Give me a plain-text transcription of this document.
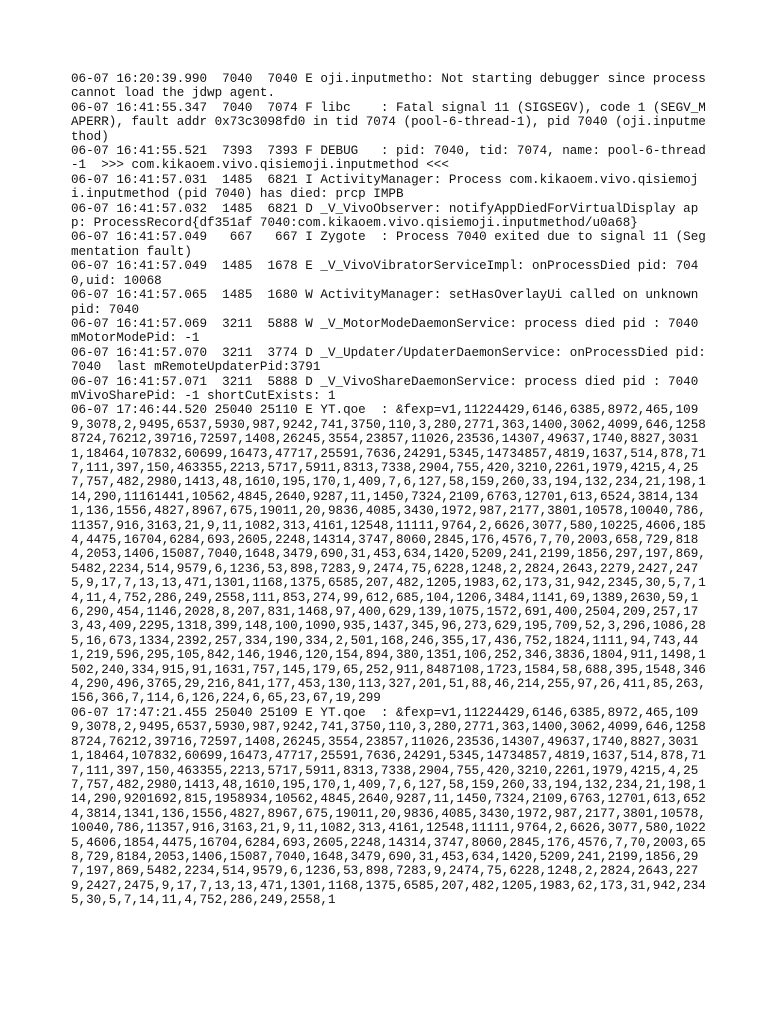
06-07 16:20:39.990  7040  7040 E oji.inputmetho: Not starting debugger since process cannot load the jdwp agent.

06-07 16:41:55.347  7040  7074 F libc    : Fatal signal 11 (SIGSEGV), code 1 (SEGV_MAPERR), fault addr 0x73c3098fd0 in tid 7074 (pool-6-thread-1), pid 7040 (oji.inputmethod)

06-07 16:41:55.521  7393  7393 F DEBUG   : pid: 7040, tid: 7074, name: pool-6-thread-1  >>> com.kikaoem.vivo.qisiemoji.inputmethod <<<

06-07 16:41:57.031  1485  6821 I ActivityManager: Process com.kikaoem.vivo.qisiemoji.inputmethod (pid 7040) has died: prcp IMPB

06-07 16:41:57.032  1485  6821 D _V_VivoObserver: notifyAppDiedForVirtualDisplay app: ProcessRecord{df351af 7040:com.kikaoem.vivo.qisiemoji.inputmethod/u0a68}

06-07 16:41:57.049   667   667 I Zygote  : Process 7040 exited due to signal 11 (Segmentation fault)

06-07 16:41:57.049  1485  1678 E _V_VivoVibratorServiceImpl: onProcessDied pid: 7040,uid: 10068

06-07 16:41:57.065  1485  1680 W ActivityManager: setHasOverlayUi called on unknown pid: 7040

06-07 16:41:57.069  3211  5888 W _V_MotorModeDaemonService: process died pid : 7040 mMotorModePid: -1

06-07 16:41:57.070  3211  3774 D _V_Updater/UpdaterDaemonService: onProcessDied pid:7040  last mRemoteUpdaterPid:3791

06-07 16:41:57.071  3211  5888 D _V_VivoShareDaemonService: process died pid : 7040 mVivoSharePid: -1 shortCutExists: 1

06-07 17:46:44.520 25040 25110 E YT.qoe  : &fexp=v1,11224429,6146,6385,8972,465,1099,3078,2,9495,6537,5930,987,9242,741,3750,110,3,280,2771,363,1400,3062,4099,646,12588724,76212,39716,72597,1408,26245,3554,23857,11026,23536,14307,49637,1740,8827,30311,18464,107832,60699,16473,47717,25591,7636,24291,5345,14734857,4819,1637,514,878,717,111,397,150,463355,2213,5717,5911,8313,7338,2904,755,420,3210,2261,1979,4215,4,257,757,482,2980,1413,48,1610,195,170,1,409,7,6,127,58,159,260,33,194,132,234,21,198,114,290,11161441,10562,4845,2640,9287,11,1450,7324,2109,6763,12701,613,6524,3814,1341,136,1556,4827,8967,675,19011,20,9836,4085,3430,1972,987,2177,3801,10578,10040,786,11357,916,3163,21,9,11,1082,313,4161,12548,11111,9764,2,6626,3077,580,10225,4606,1854,4475,16704,6284,693,2605,2248,14314,3747,8060,2845,176,4576,7,70,2003,658,729,8184,2053,1406,15087,7040,1648,3479,690,31,453,634,1420,5209,241,2199,1856,297,197,869,5482,2234,514,9579,6,1236,53,898,7283,9,2474,75,6228,1248,2,2824,2643,2279,2427,2475,9,17,7,13,13,471,1301,1168,1375,6585,207,482,1205,1983,62,173,31,942,2345,30,5,7,14,11,4,752,286,249,2558,111,853,274,99,612,685,104,1206,3484,1141,69,1389,2630,59,16,290,454,1146,2028,8,207,831,1468,97,400,629,139,1075,1572,691,400,2504,209,257,173,43,409,2295,1318,399,148,100,1090,935,1437,345,96,273,629,195,709,52,3,296,1086,285,16,673,1334,2392,257,334,190,334,2,501,168,246,355,17,436,752,1824,1111,94,743,441,219,596,295,105,842,146,1946,120,154,894,380,1351,106,252,346,3836,1804,911,1498,1502,240,334,915,91,1631,757,145,179,65,252,911,8487108,1723,1584,58,688,395,1548,3464,290,496,3765,29,216,841,177,453,130,113,327,201,51,88,46,214,255,97,26,411,85,263,156,366,7,114,6,126,224,6,65,23,67,19,299

06-07 17:47:21.455 25040 25109 E YT.qoe  : &fexp=v1,11224429,6146,6385,8972,465,1099,3078,2,9495,6537,5930,987,9242,741,3750,110,3,280,2771,363,1400,3062,4099,646,12588724,76212,39716,72597,1408,26245,3554,23857,11026,23536,14307,49637,1740,8827,30311,18464,107832,60699,16473,47717,25591,7636,24291,5345,14734857,4819,1637,514,878,717,111,397,150,463355,2213,5717,5911,8313,7338,2904,755,420,3210,2261,1979,4215,4,257,757,482,2980,1413,48,1610,195,170,1,409,7,6,127,58,159,260,33,194,132,234,21,198,114,290,9201692,815,1958934,10562,4845,2640,9287,11,1450,7324,2109,6763,12701,613,6524,3814,1341,136,1556,4827,8967,675,19011,20,9836,4085,3430,1972,987,2177,3801,10578,10040,786,11357,916,3163,21,9,11,1082,313,4161,12548,11111,9764,2,6626,3077,580,10225,4606,1854,4475,16704,6284,693,2605,2248,14314,3747,8060,2845,176,4576,7,70,2003,658,729,8184,2053,1406,15087,7040,1648,3479,690,31,453,634,1420,5209,241,2199,1856,297,197,869,5482,2234,514,9579,6,1236,53,898,7283,9,2474,75,6228,1248,2,2824,2643,2279,2427,2475,9,17,7,13,13,471,1301,1168,1375,6585,207,482,1205,1983,62,173,31,942,2345,30,5,7,14,11,4,752,286,249,2558,1
